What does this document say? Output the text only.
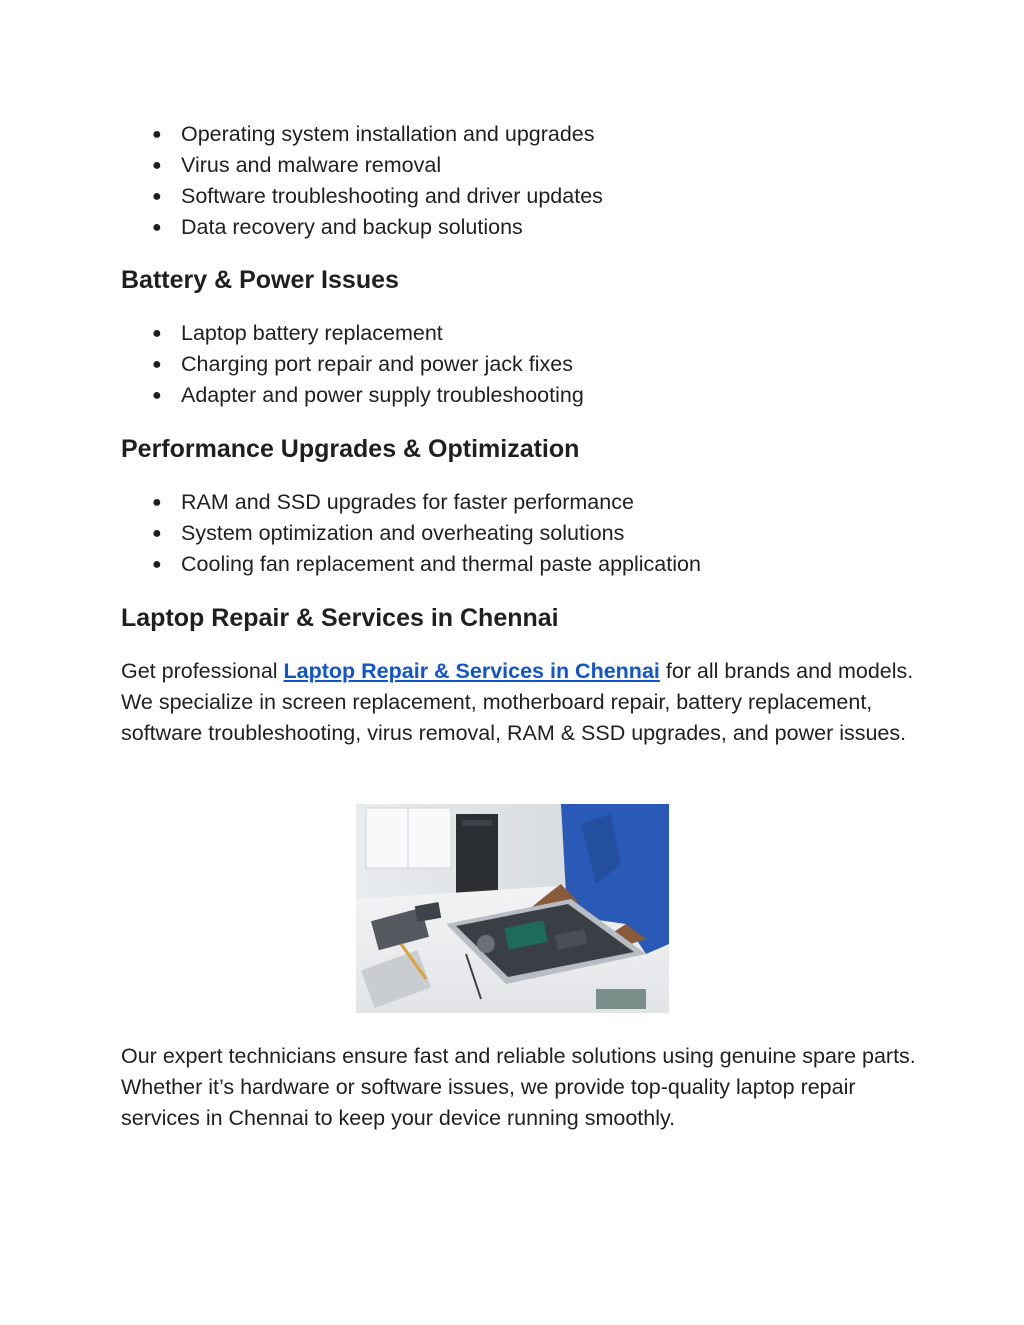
● Operating system installation and upgrades
● Virus and malware removal
● Software troubleshooting and driver updates
● Data recovery and backup solutions
Battery & Power Issues
● Laptop battery replacement
● Charging port repair and power jack fixes
● Adapter and power supply troubleshooting
Performance Upgrades & Optimization
● RAM and SSD upgrades for faster performance
● System optimization and overheating solutions
● Cooling fan replacement and thermal paste application
Laptop Repair & Services in Chennai

Get professional Laptop Repair & Services in Chennai for all brands and models. We specialize in screen replacement, motherboard repair, battery replacement, software troubleshooting, virus removal, RAM & SSD upgrades, and power issues.

Our expert technicians ensure fast and reliable solutions using genuine spare parts. Whether it’s hardware or software issues, we provide top-quality laptop repair services in Chennai to keep your device running smoothly.
